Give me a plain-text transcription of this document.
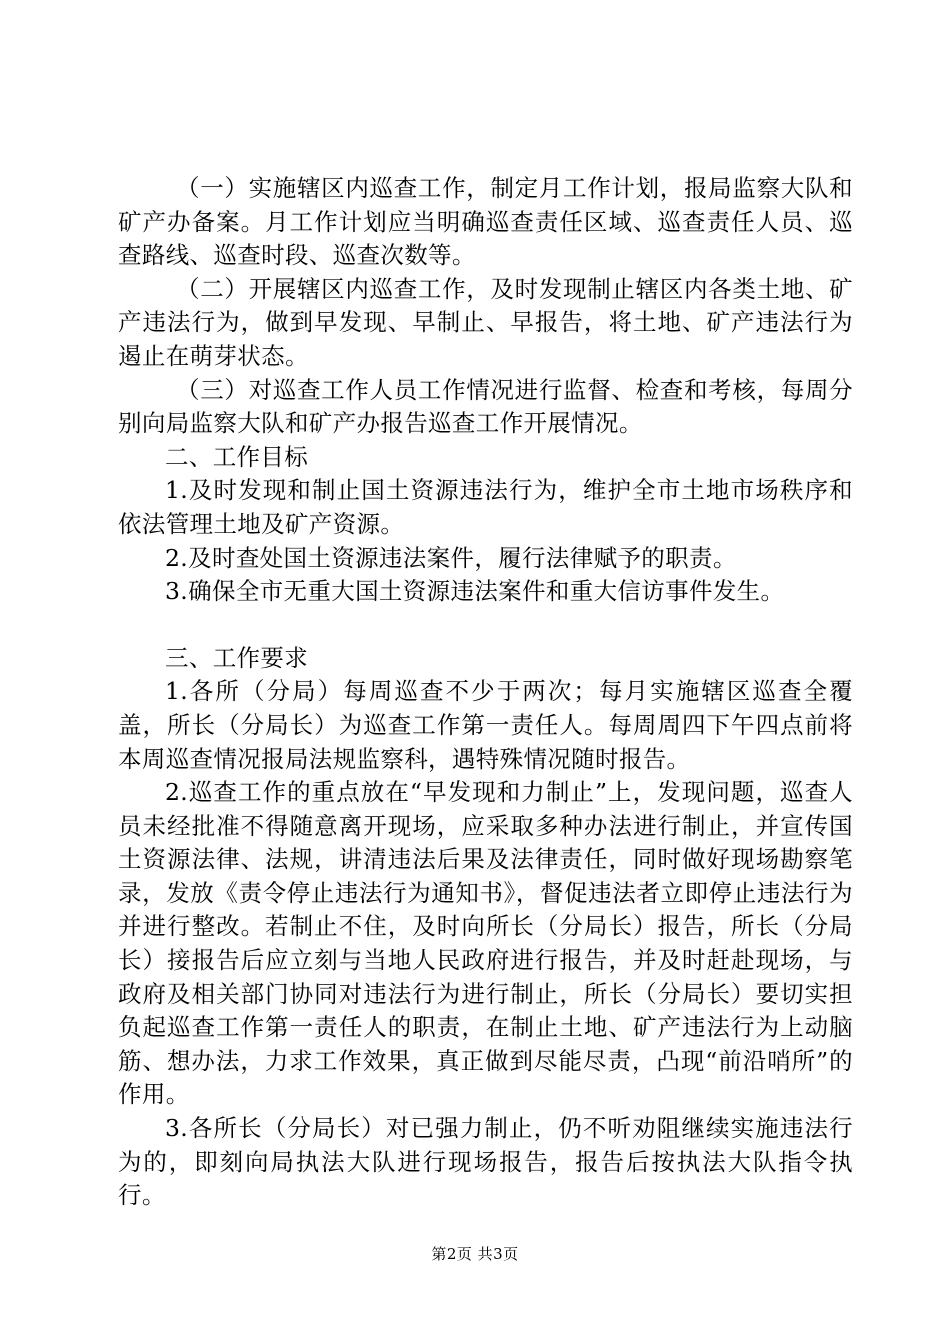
（一）实施辖区内巡查工作，制定月工作计划，报局监察大队和矿产办备案。月工作计划应当明确巡查责任区域、巡查责任人员、巡查路线、巡查时段、巡查次数等。

（二）开展辖区内巡查工作，及时发现制止辖区内各类土地、矿产违法行为，做到早发现、早制止、早报告，将土地、矿产违法行为遏止在萌芽状态。

（三）对巡查工作人员工作情况进行监督、检查和考核，每周分别向局监察大队和矿产办报告巡查工作开展情况。

二、工作目标

1.及时发现和制止国土资源违法行为，维护全市土地市场秩序和依法管理土地及矿产资源。

2.及时查处国土资源违法案件，履行法律赋予的职责。

3.确保全市无重大国土资源违法案件和重大信访事件发生。

三、工作要求

1.各所（分局）每周巡查不少于两次；每月实施辖区巡查全覆盖，所长（分局长）为巡查工作第一责任人。每周周四下午四点前将本周巡查情况报局法规监察科，遇特殊情况随时报告。

2.巡查工作的重点放在“早发现和力制止”上，发现问题，巡查人员未经批准不得随意离开现场，应采取多种办法进行制止，并宣传国土资源法律、法规，讲清违法后果及法律责任，同时做好现场勘察笔录，发放《责令停止违法行为通知书》，督促违法者立即停止违法行为并进行整改。若制止不住，及时向所长（分局长）报告，所长（分局长）接报告后应立刻与当地人民政府进行报告，并及时赶赴现场，与政府及相关部门协同对违法行为进行制止，所长（分局长）要切实担负起巡查工作第一责任人的职责，在制止土地、矿产违法行为上动脑筋、想办法，力求工作效果，真正做到尽能尽责，凸现“前沿哨所”的作用。

3.各所长（分局长）对已强力制止，仍不听劝阻继续实施违法行为的，即刻向局执法大队进行现场报告，报告后按执法大队指令执行。

第2页 共3页
